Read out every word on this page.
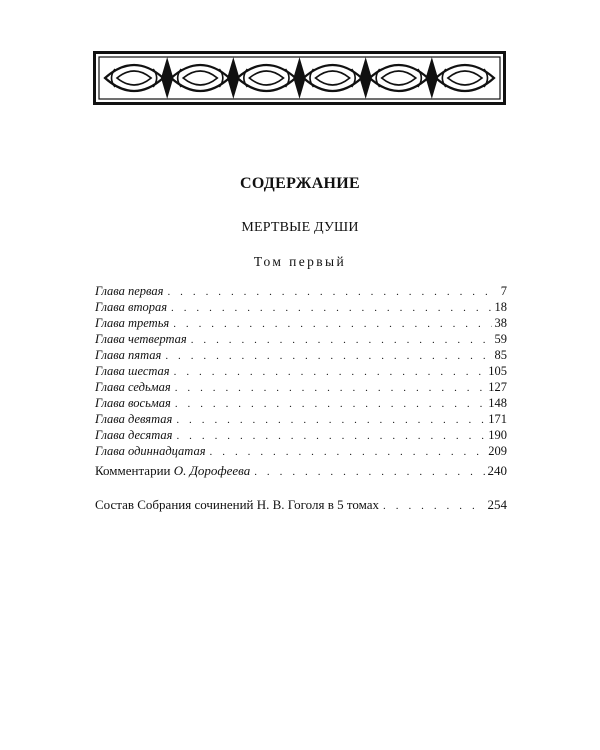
СОДЕРЖАНИЕ
МЕРТВЫЕ ДУШИ
Том первый
Глава первая . . .	7
Глава вторая . . .	18
Глава третья . . .	38
Глава четвертая . . .	59
Глава пятая . . .	85
Глава шестая . . .	105
Глава седьмая . . .	127
Глава восьмая . . .	148
Глава девятая . . .	171
Глава десятая . . .	190
Глава одиннадцатая . . .	209
Комментарии О. Дорофеева . . .	240
Состав Собрания сочинений Н. В. Гоголя в 5 томах . . .	254
